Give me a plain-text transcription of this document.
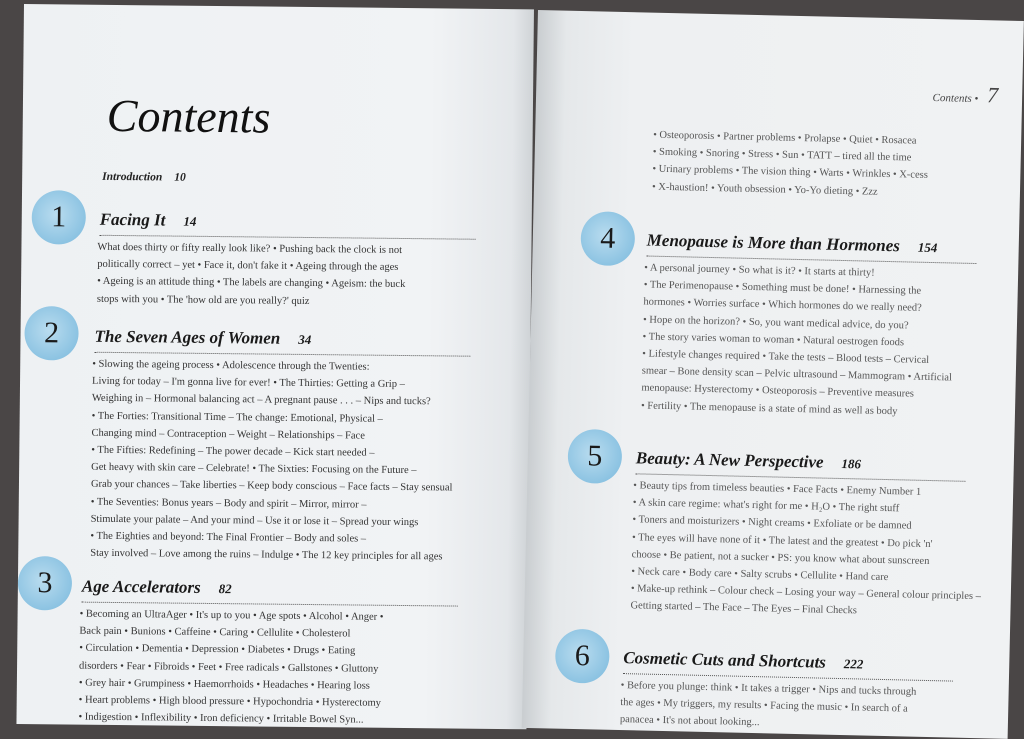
Contents
Introduction 10
1	Facing It 14

What does thirty or fifty really look like? • Pushing back the clock is not

politically correct – yet • Face it, don't fake it • Ageing through the ages

• Ageing is an attitude thing • The labels are changing • Ageism: the buck

stops with you • The 'how old are you really?' quiz

2	The Seven Ages of Women 34

• Slowing the ageing process • Adolescence through the Twenties:

Living for today – I'm gonna live for ever! • The Thirties: Getting a Grip –

Weighing in – Hormonal balancing act – A pregnant pause . . . – Nips and tucks?

• The Forties: Transitional Time – The change: Emotional, Physical –

Changing mind – Contraception – Weight – Relationships – Face

• The Fifties: Redefining – The power decade – Kick start needed –

Get heavy with skin care – Celebrate! • The Sixties: Focusing on the Future –

Grab your chances – Take liberties – Keep body conscious – Face facts – Stay sensual

• The Seventies: Bonus years – Body and spirit – Mirror, mirror –

Stimulate your palate – And your mind – Use it or lose it – Spread your wings

• The Eighties and beyond: The Final Frontier – Body and soles –

Stay involved – Love among the ruins – Indulge • The 12 key principles for all ages

3	Age Accelerators 82

• Becoming an UltraAger • It's up to you • Age spots • Alcohol • Anger •

Back pain • Bunions • Caffeine • Caring • Cellulite • Cholesterol

• Circulation • Dementia • Depression • Diabetes • Drugs • Eating

disorders • Fear • Fibroids • Feet • Free radicals • Gallstones • Gluttony

• Grey hair • Grumpiness • Haemorrhoids • Headaches • Hearing loss

• Heart problems • High blood pressure • Hypochondria • Hysterectomy

• Indigestion • Inflexibility • Iron deficiency • Irritable Bowel Syn...

Contents • 7

• Osteoporosis • Partner problems • Prolapse • Quiet • Rosacea

• Smoking • Snoring • Stress • Sun • TATT – tired all the time

• Urinary problems • The vision thing • Warts • Wrinkles • X-cess

• X-haustion! • Youth obsession • Yo-Yo dieting • Zzz

4	Menopause is More than Hormones 154

• A personal journey • So what is it? • It starts at thirty!

• The Perimenopause • Something must be done! • Harnessing the

hormones • Worries surface • Which hormones do we really need?

• Hope on the horizon? • So, you want medical advice, do you?

• The story varies woman to woman • Natural oestrogen foods

• Lifestyle changes required • Take the tests – Blood tests – Cervical

smear – Bone density scan – Pelvic ultrasound – Mammogram • Artificial

menopause: Hysterectomy • Osteoporosis – Preventive measures

• Fertility • The menopause is a state of mind as well as body

5	Beauty: A New Perspective 186

• Beauty tips from timeless beauties • Face Facts • Enemy Number 1

• A skin care regime: what's right for me • H₂O • The right stuff

• Toners and moisturizers • Night creams • Exfoliate or be damned

• The eyes will have none of it • The latest and the greatest • Do pick 'n'

choose • Be patient, not a sucker • PS: you know what about sunscreen

• Neck care • Body care • Salty scrubs • Cellulite • Hand care

• Make-up rethink – Colour check – Losing your way – General colour principles –

Getting started – The Face – The Eyes – Final Checks

6	Cosmetic Cuts and Shortcuts 222

• Before you plunge: think • It takes a trigger • Nips and tucks through

the ages • My triggers, my results • Facing the music • In search of a

panacea • It's not about looking...
